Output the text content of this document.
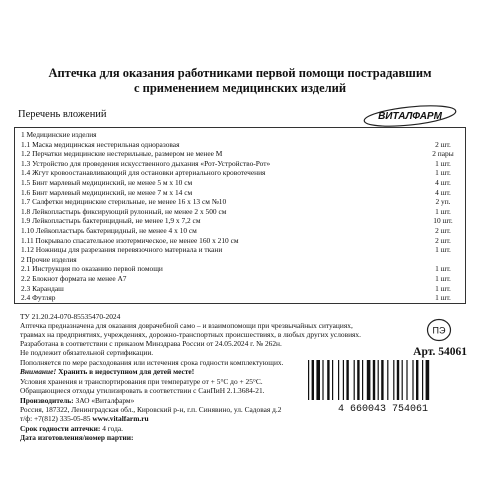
Аптечка для оказания работниками первой помощи пострадавшим
с применением медицинских изделий
Перечень вложений	ВИТАЛФАРМ
1 Медицинские изделия
1.1 Маска медицинская нестерильная одноразовая	2 шт.
1.2 Перчатки медицинские нестерильные, размером не менее M	2 пары
1.3 Устройство для проведения искусственного дыхания «Рот-Устройство-Рот»	1 шт.
1.4 Жгут кровоостанавливающий для остановки артериального кровотечения	1 шт.
1.5 Бинт марлевый медицинский, не менее 5 м х 10 см	4 шт.
1.6 Бинт марлевый медицинский, не менее 7 м х 14 см	4 шт.
1.7 Салфетки медицинские стерильные, не менее 16 х 13 см №10	2 уп.
1.8 Лейкопластырь фиксирующий рулонный, не менее 2 х 500 см	1 шт.
1.9 Лейкопластырь бактерицидный, не менее 1,9 х 7,2 см	10 шт.
1.10 Лейкопластырь бактерицидный, не менее 4 х 10 см	2 шт.
1.11 Покрывало спасательное изотермическое, не менее 160 х 210 см	2 шт.
1.12 Ножницы для разрезания перевязочного материала и ткани	1 шт.
2 Прочие изделия
2.1 Инструкция по оказанию первой помощи	1 шт.
2.2 Блокнот формата не менее А7	1 шт.
2.3 Карандаш	1 шт.
2.4 Футляр	1 шт.
ТУ 21.20.24-070-85535470-2024
Аптечка предназначена для оказания доврачебной само – и взаимопомощи при чрезвычайных ситуациях,
травмах на предприятиях, учреждениях, дорожно-транспортных происшествиях, в любых других условиях.
Разработана в соответствии с приказом Минздрава России от 24.05.2024 г. № 262н.
Не подлежит обязательной сертификации.
Пополняется по мере расходования или истечения срока годности комплектующих.
Внимание! Хранить в недоступном для детей месте!
Условия хранения и транспортирования при температуре от + 5°С до + 25°С.
Обращающиеся отходы утилизировать в соответствии с СанПиН 2.1.3684-21.
Производитель: ЗАО «Виталфарм»
Россия, 187322, Ленинградская обл., Кировский р-н, г.п. Синявино, ул. Садовая д.2
т/ф: +7(812) 335-05-85 www.vitalfarm.ru
Срок годности аптечки: 4 года.
Дата изготовления/номер партии:
ПЭ
Арт. 54061
4 660043 754061
